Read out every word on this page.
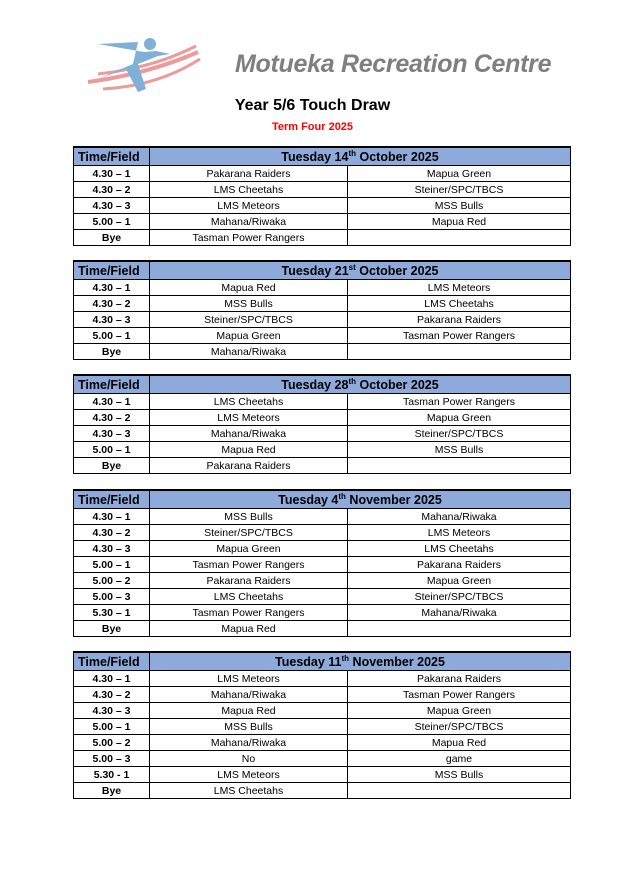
Motueka Recreation Centre
Year 5/6 Touch Draw
Term Four 2025
Time/Field	Tuesday 14th October 2025	
4.30 – 1	Pakarana Raiders	Mapua Green
4.30 – 2	LMS Cheetahs	Steiner/SPC/TBCS
4.30 – 3	LMS Meteors	MSS Bulls
5.00 – 1	Mahana/Riwaka	Mapua Red
Bye	Tasman Power Rangers	
Time/Field	Tuesday 21st October 2025	
4.30 – 1	Mapua Red	LMS Meteors
4.30 – 2	MSS Bulls	LMS Cheetahs
4.30 – 3	Steiner/SPC/TBCS	Pakarana Raiders
5.00 – 1	Mapua Green	Tasman Power Rangers
Bye	Mahana/Riwaka	
Time/Field	Tuesday 28th October 2025	
4.30 – 1	LMS Cheetahs	Tasman Power Rangers
4.30 – 2	LMS Meteors	Mapua Green
4.30 – 3	Mahana/Riwaka	Steiner/SPC/TBCS
5.00 – 1	Mapua Red	MSS Bulls
Bye	Pakarana Raiders	
Time/Field	Tuesday 4th November 2025	
4.30 – 1	MSS Bulls	Mahana/Riwaka
4.30 – 2	Steiner/SPC/TBCS	LMS Meteors
4.30 – 3	Mapua Green	LMS Cheetahs
5.00 – 1	Tasman Power Rangers	Pakarana Raiders
5.00 – 2	Pakarana Raiders	Mapua Green
5.00 – 3	LMS Cheetahs	Steiner/SPC/TBCS
5.30 – 1	Tasman Power Rangers	Mahana/Riwaka
Bye	Mapua Red	
Time/Field	Tuesday 11th November 2025	
4.30 – 1	LMS Meteors	Pakarana Raiders
4.30 – 2	Mahana/Riwaka	Tasman Power Rangers
4.30 – 3	Mapua Red	Mapua Green
5.00 – 1	MSS Bulls	Steiner/SPC/TBCS
5.00 – 2	Mahana/Riwaka	Mapua Red
5.00 – 3	No	game
5.30 - 1	LMS Meteors	MSS Bulls
Bye	LMS Cheetahs	
